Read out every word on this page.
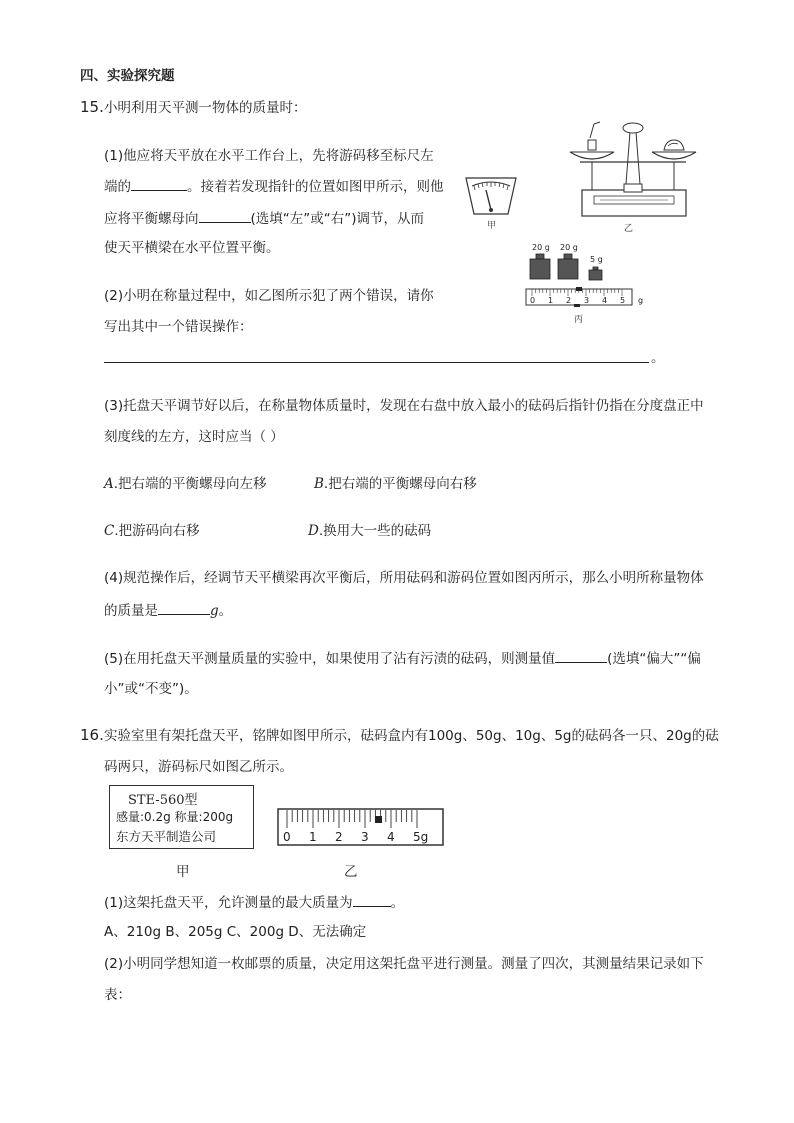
四、实验探究题
15. 小明利用天平测一物体的质量时：
(1)他应将天平放在水平工作台上，先将游码移至标尺左
端的	。接着若发现指针的位置如图甲所示，则他
应将平衡螺母向	(选填“左”或“右”)调节，从而
使天平横梁在水平位置平衡。
(2)小明在称量过程中，如乙图所示犯了两个错误，请你
写出其中一个错误操作：
。
(3)托盘天平调节好以后，在称量物体质量时，发现在右盘中放入最小的砝码后指针仍指在分度盘正中
刻度线的左方，这时应当（ ）
A.把右端的平衡螺母向左移	B.把右端的平衡螺母向右移
C.把游码向右移	D.换用大一些的砝码
(4)规范操作后，经调节天平横梁再次平衡后，所用砝码和游码位置如图丙所示，那么小明所称量物体
的质量是	g。
(5)在用托盘天平测量质量的实验中，如果使用了沾有污渍的砝码，则测量值	(选填“偏大”“偏
小”或“不变”)。
甲	乙
20 g 20 g
5 g
0 1 2 3 4 5 g
丙
16. 实验室里有架托盘天平，铭牌如图甲所示，砝码盒内有100g、50g、10g、5g的砝码各一只、20g的砝
码两只，游码标尺如图乙所示。
STE-560型
感量:0.2g 称量:200g
东方天平制造公司
甲
0 1 2 3 4 5g
乙
(1)这架托盘天平，允许测量的最大质量为	。
A、210g B、205g C、200g D、无法确定
(2)小明同学想知道一枚邮票的质量，决定用这架托盘平进行测量。测量了四次，其测量结果记录如下
表：
